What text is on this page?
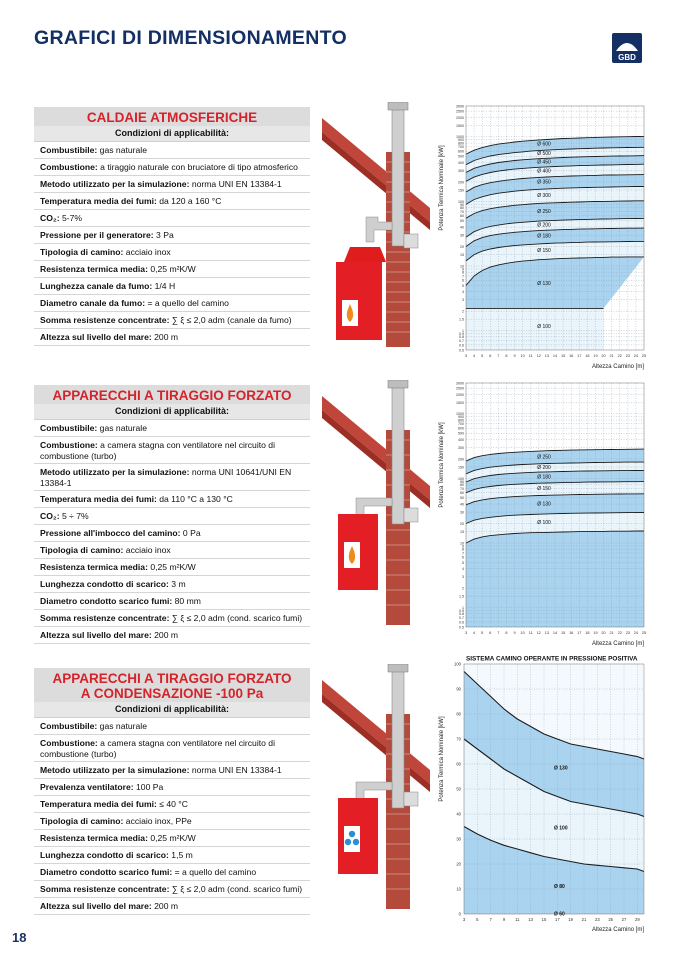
GRAFICI DI DIMENSIONAMENTO
GBD
18
CALDAIE ATMOSFERICHE
Condizioni di applicabilità:
Combustibile: gas naturale
Combustione: a tiraggio naturale con bruciatore di tipo atmosferico
Metodo utilizzato per la simulazione: norma UNI EN 13384-1
Temperatura media dei fumi: da 120 a 160 °C
CO₂: 5-7%
Pressione per il generatore: 3 Pa
Tipologia di camino: acciaio inox
Resistenza termica media: 0,25 m²K/W
Lunghezza canale da fumo: 1/4 H
Diametro canale da fumo: = a quello del camino
Somma resistenze concentrate: ∑ ξ ≤ 2,0 adm (canale da fumo)
Altezza sul livello del mare: 200 m
APPARECCHI A TIRAGGIO FORZATO
Condizioni di applicabilità:
Combustibile: gas naturale
Combustione: a camera stagna con ventilatore nel circuito di combustione (turbo)
Metodo utilizzato per la simulazione: norma UNI 10641/UNI EN 13384-1
Temperatura media dei fumi: da 110 °C a 130 °C
CO₂: 5 ÷ 7%
Pressione all'imbocco del camino: 0 Pa
Tipologia di camino: acciaio inox
Resistenza termica media: 0,25 m²K/W
Lunghezza condotto di scarico: 3 m
Diametro condotto scarico fumi: 80 mm
Somma resistenze concentrate: ∑ ξ ≤ 2,0 adm (cond. scarico fumi)
Altezza sul livello del mare: 200 m
APPARECCHI A TIRAGGIO FORZATO
A CONDENSAZIONE -100 Pa
Condizioni di applicabilità:
Combustibile: gas naturale
Combustione: a camera stagna con ventilatore nel circuito di combustione (turbo)
Metodo utilizzato per la simulazione: norma UNI EN 13384-1
Prevalenza ventilatore: 100 Pa
Temperatura media dei fumi: ≤ 40 °C
Tipologia di camino: acciaio inox, PPe
Resistenza termica media: 0,25 m²K/W
Lunghezza condotto di scarico: 1,5 m
Diametro condotto scarico fumi: = a quello del camino
Somma resistenze concentrate: ∑ ξ ≤ 2,0 adm (cond. scarico fumi)
Altezza sul livello del mare: 200 m
3000
2500
2000
1500
1000
900
800
700
600
500
400
300
200
150
100
90
80
70
60
50
40
30
20
15
10
9
8
7
6
5
4
3
2
1.5
1
0.9
0.8
0.7
0.6
0.5
3 4 5 6 7 8 9 10 11 12 13 14 15 16 17 18 19 20 21 22 23 24 25
Ø 600
Ø 500
Ø 450
Ø 400
Ø 350
Ø 300
Ø 250
Ø 200
Ø 180
Ø 150
Ø 130
Ø 100
Potenza Termica Nominale [kW]
Altezza Camino [m]
3000
2500
2000
1500
1000
900
800
700
600
500
400
300
200
150
100
90
80
70
60
50
40
30
20
15
10
9
8
7
6
5
4
3
2
1.5
1
0.9
0.8
0.7
0.6
0.5
3 4 5 6 7 8 9 10 11 12 13 14 15 16 17 18 19 20 21 22 23 24 25
Ø 250
Ø 200
Ø 180
Ø 150
Ø 130
Ø 100
Potenza Termica Nominale [kW]
Altezza Camino [m]
SISTEMA CAMINO OPERANTE IN PRESSIONE POSITIVA
0
10
20
30
40
50
60
70
80
90
100
3	5	7	9 11 13 15 17 19 21 23 25 27 29
Ø 130
Ø 100
Ø 80
Ø 60
Potenza Termica Nominale [kW]
Altezza Camino [m]
